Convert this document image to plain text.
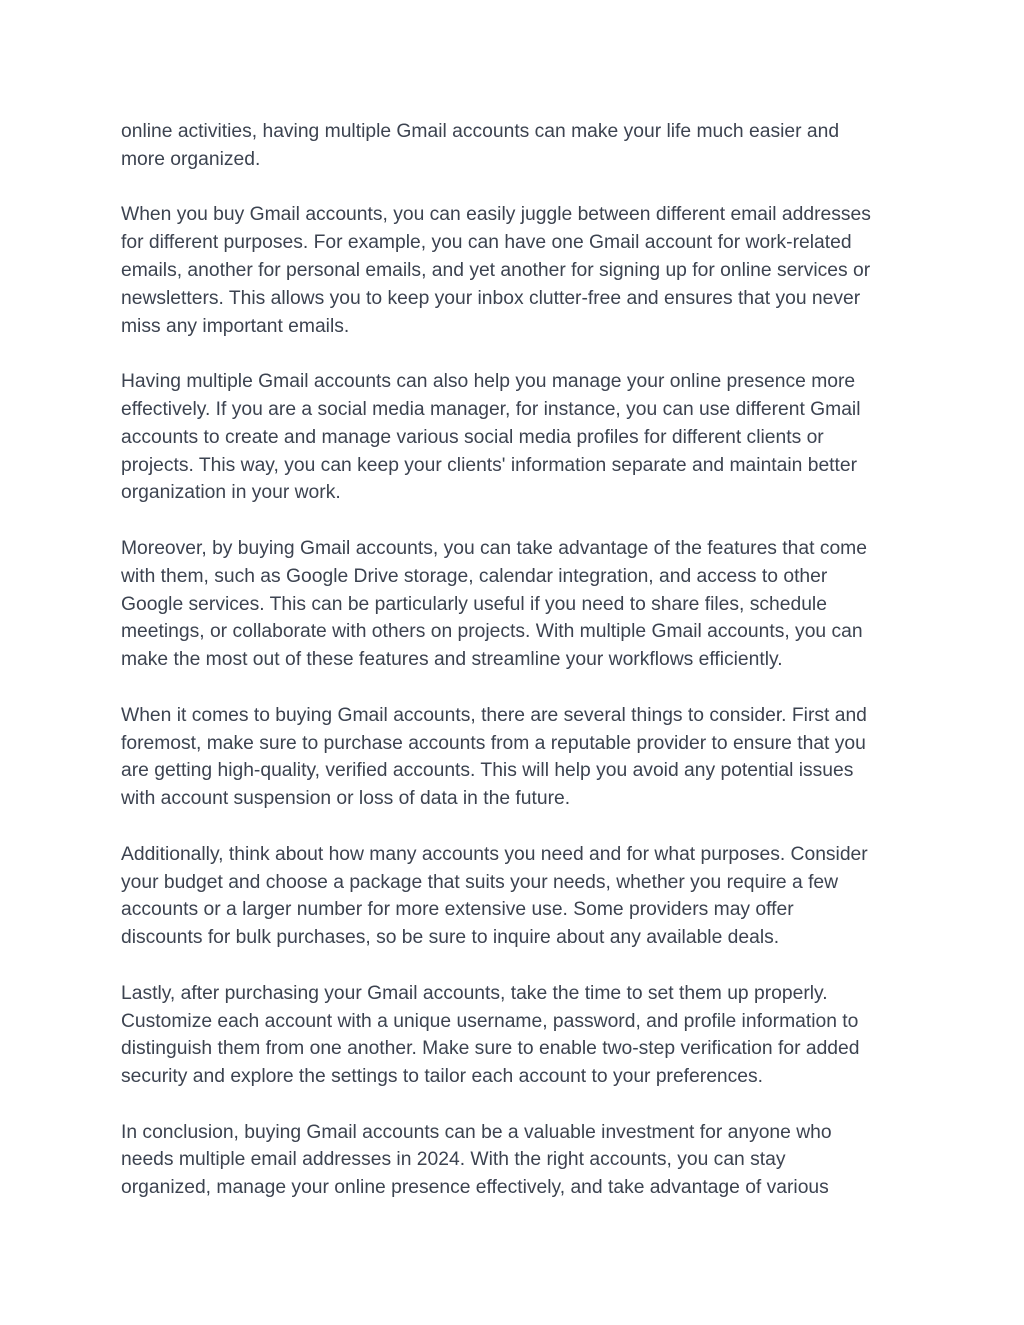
online activities, having multiple Gmail accounts can make your life much easier and
more organized.

When you buy Gmail accounts, you can easily juggle between different email addresses
for different purposes. For example, you can have one Gmail account for work-related
emails, another for personal emails, and yet another for signing up for online services or
newsletters. This allows you to keep your inbox clutter-free and ensures that you never
miss any important emails.

Having multiple Gmail accounts can also help you manage your online presence more
effectively. If you are a social media manager, for instance, you can use different Gmail
accounts to create and manage various social media profiles for different clients or
projects. This way, you can keep your clients' information separate and maintain better
organization in your work.

Moreover, by buying Gmail accounts, you can take advantage of the features that come
with them, such as Google Drive storage, calendar integration, and access to other
Google services. This can be particularly useful if you need to share files, schedule
meetings, or collaborate with others on projects. With multiple Gmail accounts, you can
make the most out of these features and streamline your workflows efficiently.

When it comes to buying Gmail accounts, there are several things to consider. First and
foremost, make sure to purchase accounts from a reputable provider to ensure that you
are getting high-quality, verified accounts. This will help you avoid any potential issues
with account suspension or loss of data in the future.

Additionally, think about how many accounts you need and for what purposes. Consider
your budget and choose a package that suits your needs, whether you require a few
accounts or a larger number for more extensive use. Some providers may offer
discounts for bulk purchases, so be sure to inquire about any available deals.

Lastly, after purchasing your Gmail accounts, take the time to set them up properly.
Customize each account with a unique username, password, and profile information to
distinguish them from one another. Make sure to enable two-step verification for added
security and explore the settings to tailor each account to your preferences.

In conclusion, buying Gmail accounts can be a valuable investment for anyone who
needs multiple email addresses in 2024. With the right accounts, you can stay
organized, manage your online presence effectively, and take advantage of various
